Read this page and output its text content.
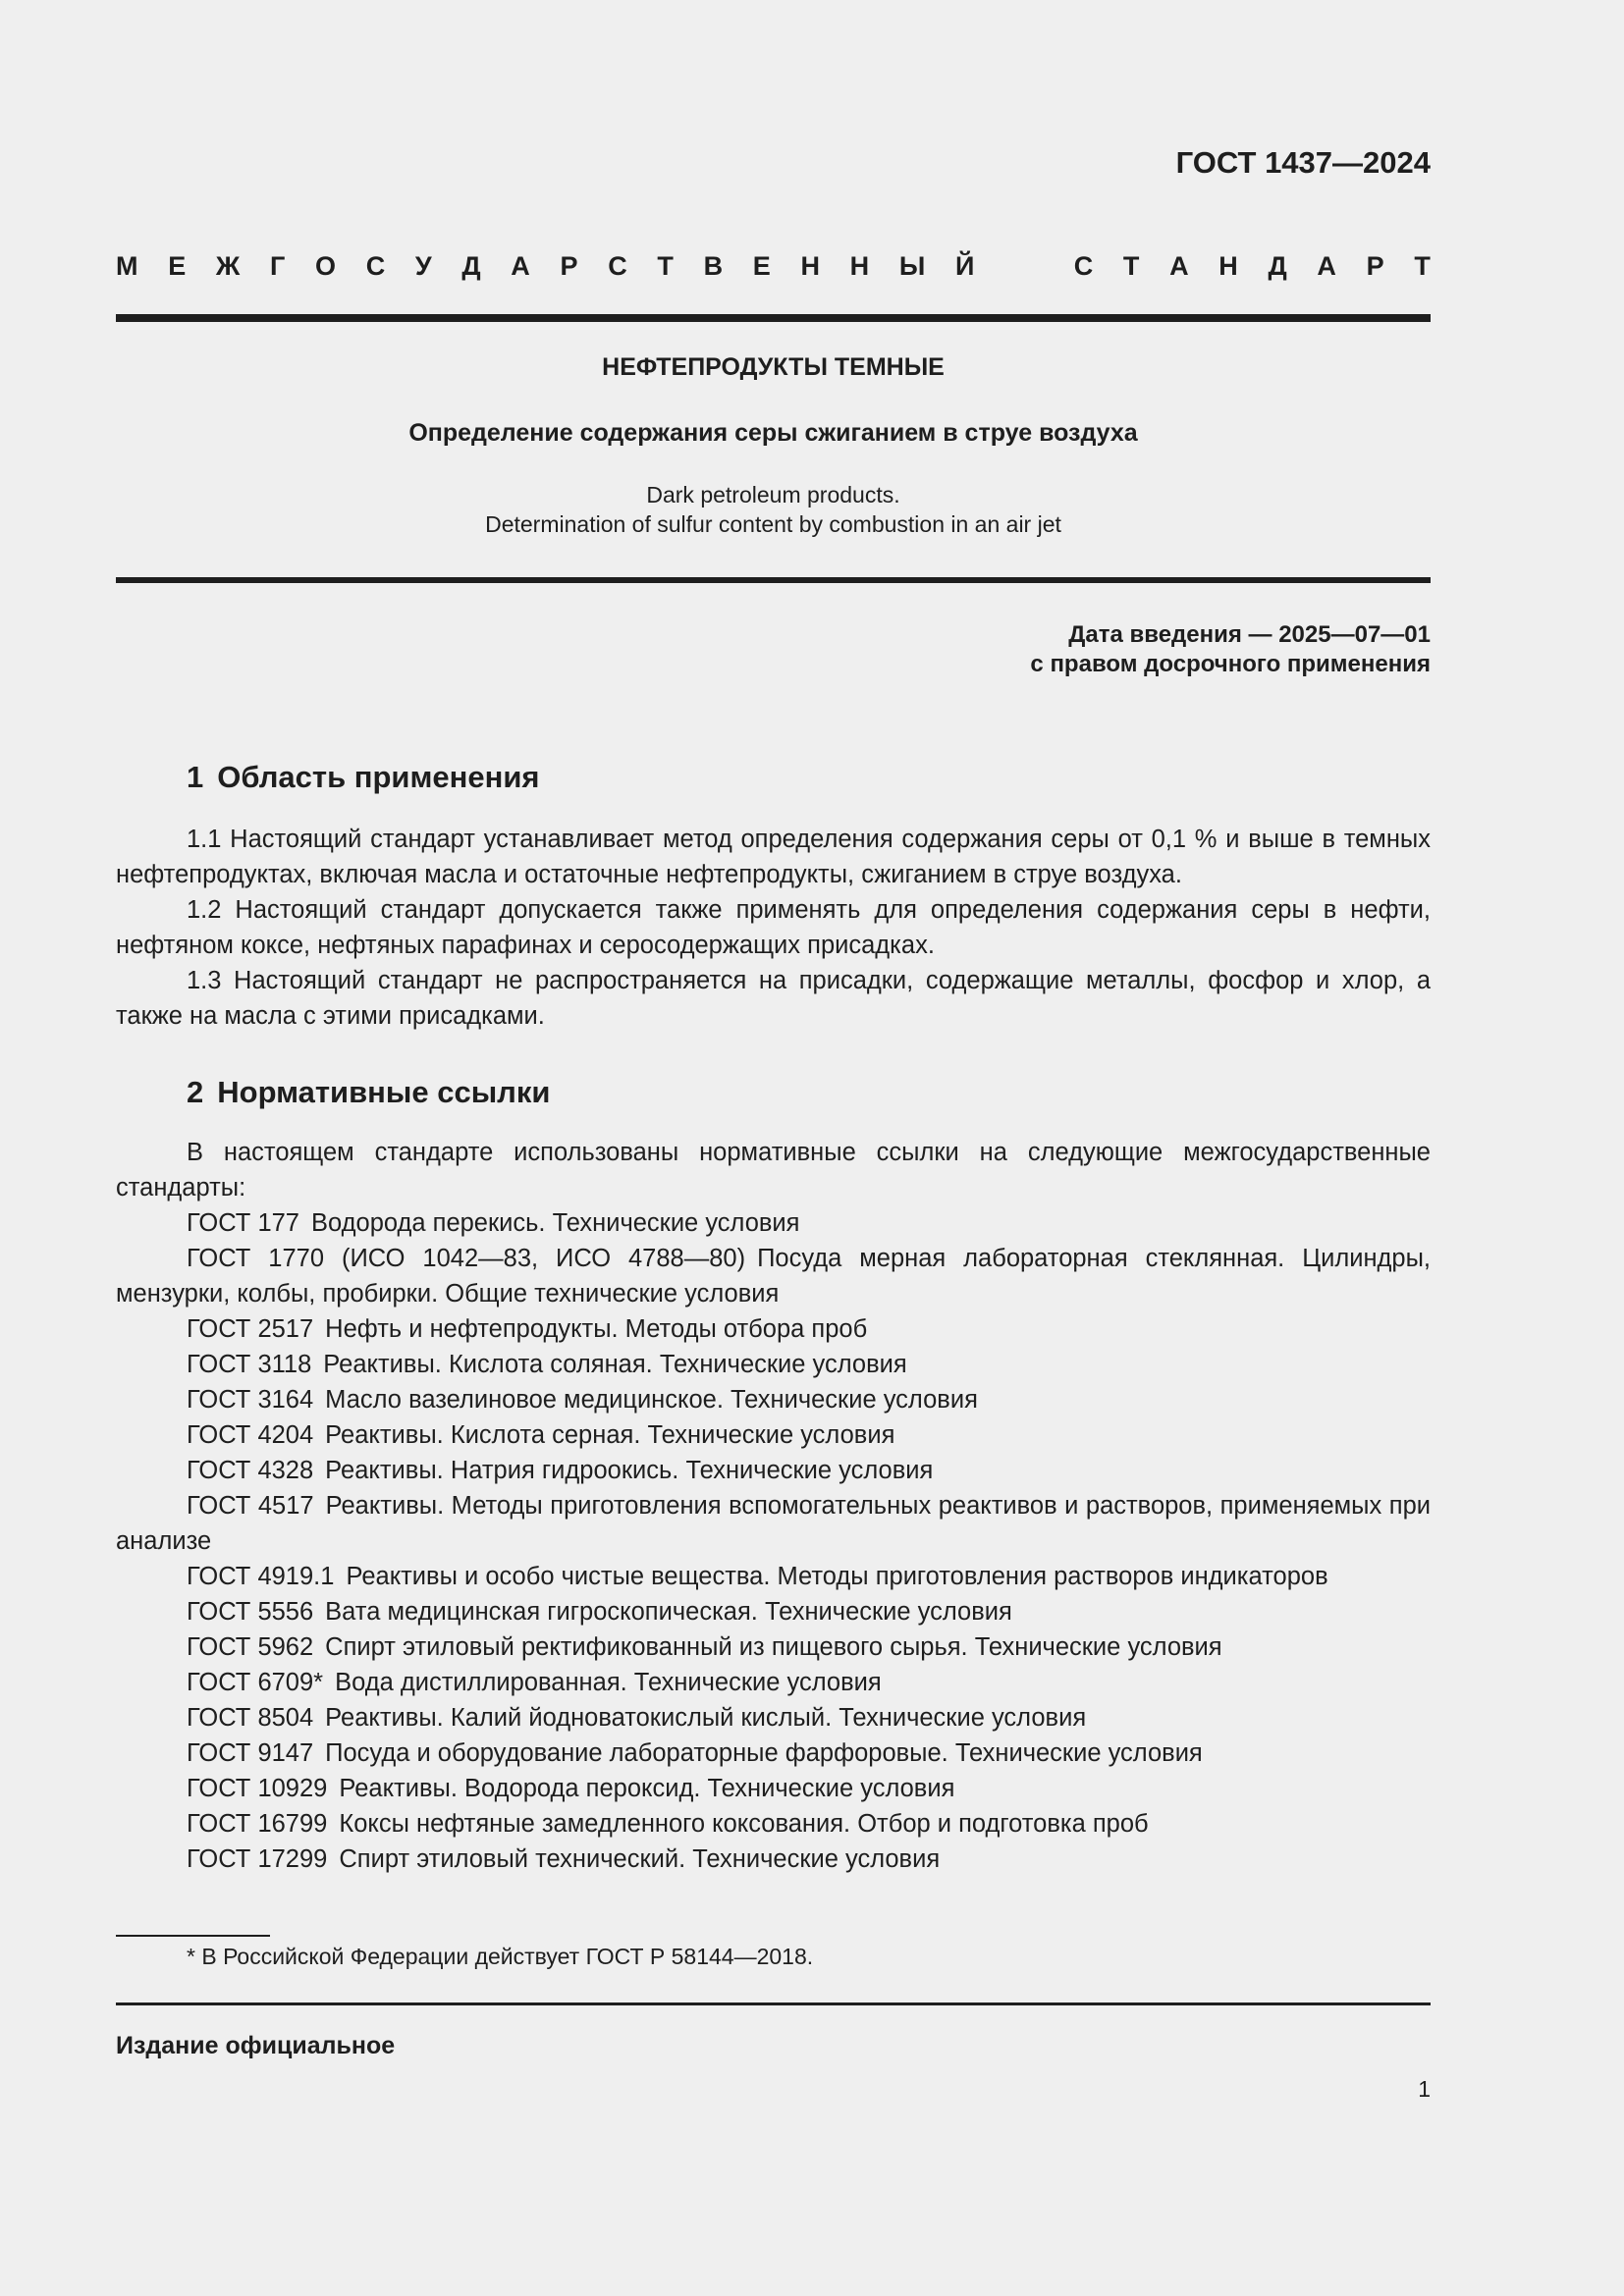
ГОСТ 1437—2024
М Е Ж Г О С У Д А Р С Т В Е Н Н Ы Й	С Т А Н Д А Р Т
НЕФТЕПРОДУКТЫ ТЕМНЫЕ
Определение содержания серы сжиганием в струе воздуха
Dark petroleum products.
Determination of sulfur content by combustion in an air jet
Дата введения — 2025—07—01
с правом досрочного применения
1 Область применения

1.1 Настоящий стандарт устанавливает метод определения содержания серы от 0,1 % и выше в темных нефтепродуктах, включая масла и остаточные нефтепродукты, сжиганием в струе воздуха.

1.2 Настоящий стандарт допускается также применять для определения содержания серы в нефти, нефтяном коксе, нефтяных парафинах и серосодержащих присадках.

1.3 Настоящий стандарт не распространяется на присадки, содержащие металлы, фосфор и хлор, а также на масла с этими присадками.

2 Нормативные ссылки

В настоящем стандарте использованы нормативные ссылки на следующие межгосударственные стандарты:

ГОСТ 177 Водорода перекись. Технические условия

ГОСТ 1770 (ИСО 1042—83, ИСО 4788—80) Посуда мерная лабораторная стеклянная. Цилиндры, мензурки, колбы, пробирки. Общие технические условия

ГОСТ 2517 Нефть и нефтепродукты. Методы отбора проб

ГОСТ 3118 Реактивы. Кислота соляная. Технические условия

ГОСТ 3164 Масло вазелиновое медицинское. Технические условия

ГОСТ 4204 Реактивы. Кислота серная. Технические условия

ГОСТ 4328 Реактивы. Натрия гидроокись. Технические условия

ГОСТ 4517 Реактивы. Методы приготовления вспомогательных реактивов и растворов, применяемых при анализе

ГОСТ 4919.1 Реактивы и особо чистые вещества. Методы приготовления растворов индикаторов

ГОСТ 5556 Вата медицинская гигроскопическая. Технические условия

ГОСТ 5962 Спирт этиловый ректификованный из пищевого сырья. Технические условия

ГОСТ 6709* Вода дистиллированная. Технические условия

ГОСТ 8504 Реактивы. Калий йодноватокислый кислый. Технические условия

ГОСТ 9147 Посуда и оборудование лабораторные фарфоровые. Технические условия

ГОСТ 10929 Реактивы. Водорода пероксид. Технические условия

ГОСТ 16799 Коксы нефтяные замедленного коксования. Отбор и подготовка проб

ГОСТ 17299 Спирт этиловый технический. Технические условия

* В Российской Федерации действует ГОСТ Р 58144—2018.
Издание официальное
1
